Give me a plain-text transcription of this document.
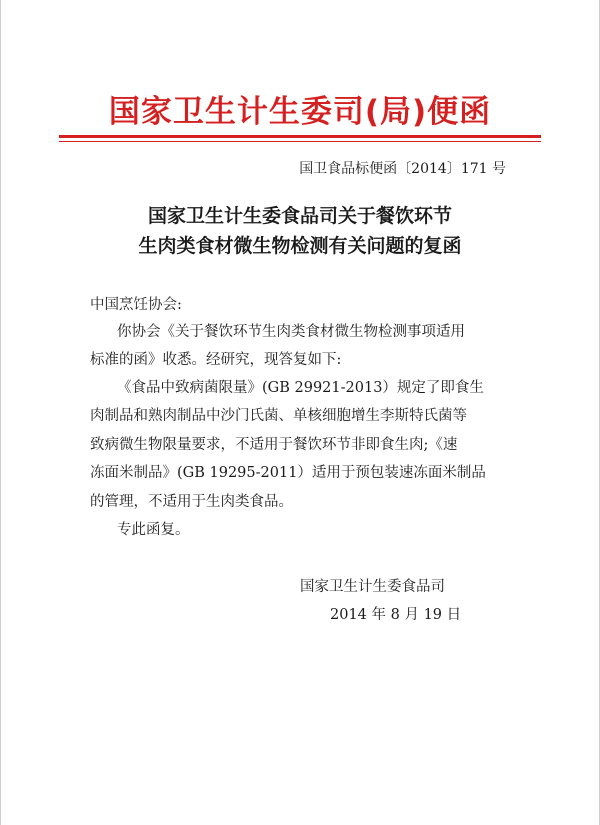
国家卫生计生委司(局)便函
国卫食品标便函〔2014〕171 号
国家卫生计生委食品司关于餐饮环节
生肉类食材微生物检测有关问题的复函
中国烹饪协会:
你协会《关于餐饮环节生肉类食材微生物检测事项适用
标准的函》收悉。经研究，现答复如下:
《食品中致病菌限量》(GB 29921-2013）规定了即食生
肉制品和熟肉制品中沙门氏菌、单核细胞增生李斯特氏菌等
致病微生物限量要求，不适用于餐饮环节非即食生肉;《速
冻面米制品》(GB 19295-2011）适用于预包装速冻面米制品
的管理，不适用于生肉类食品。
专此函复。
国家卫生计生委食品司
2014 年 8 月 19 日
